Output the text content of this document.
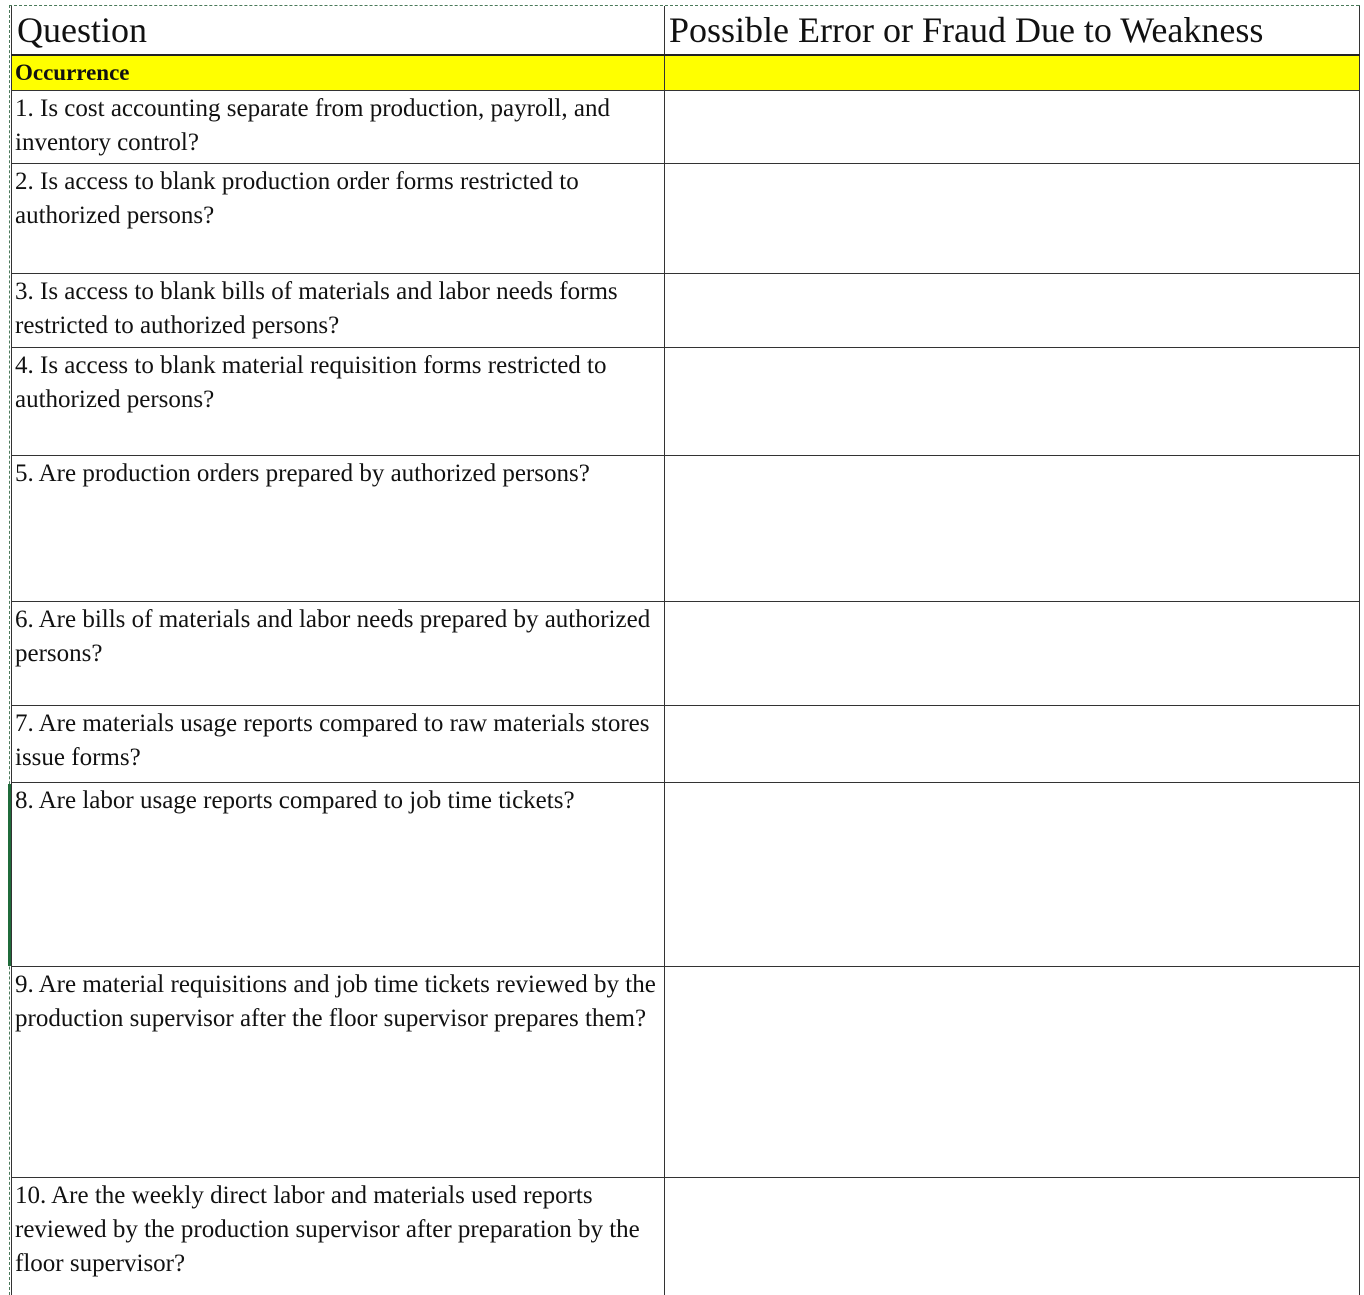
Question	Possible Error or Fraud Due to Weakness
Occurrence	

1. Is cost accounting separate from production, payroll, and inventory control?	

2. Is access to blank production order forms restricted to authorized persons?	

3. Is access to blank bills of materials and labor needs forms restricted to authorized persons?	

4. Is access to blank material requisition forms restricted to authorized persons?	

5. Are production orders prepared by authorized persons?	

6. Are bills of materials and labor needs prepared by authorized persons?	

7. Are materials usage reports compared to raw materials stores issue forms?	

8. Are labor usage reports compared to job time tickets?	

9. Are material requisitions and job time tickets reviewed by the production supervisor after the floor supervisor prepares them?	

10. Are the weekly direct labor and materials used reports reviewed by the production supervisor after preparation by the floor supervisor?	
